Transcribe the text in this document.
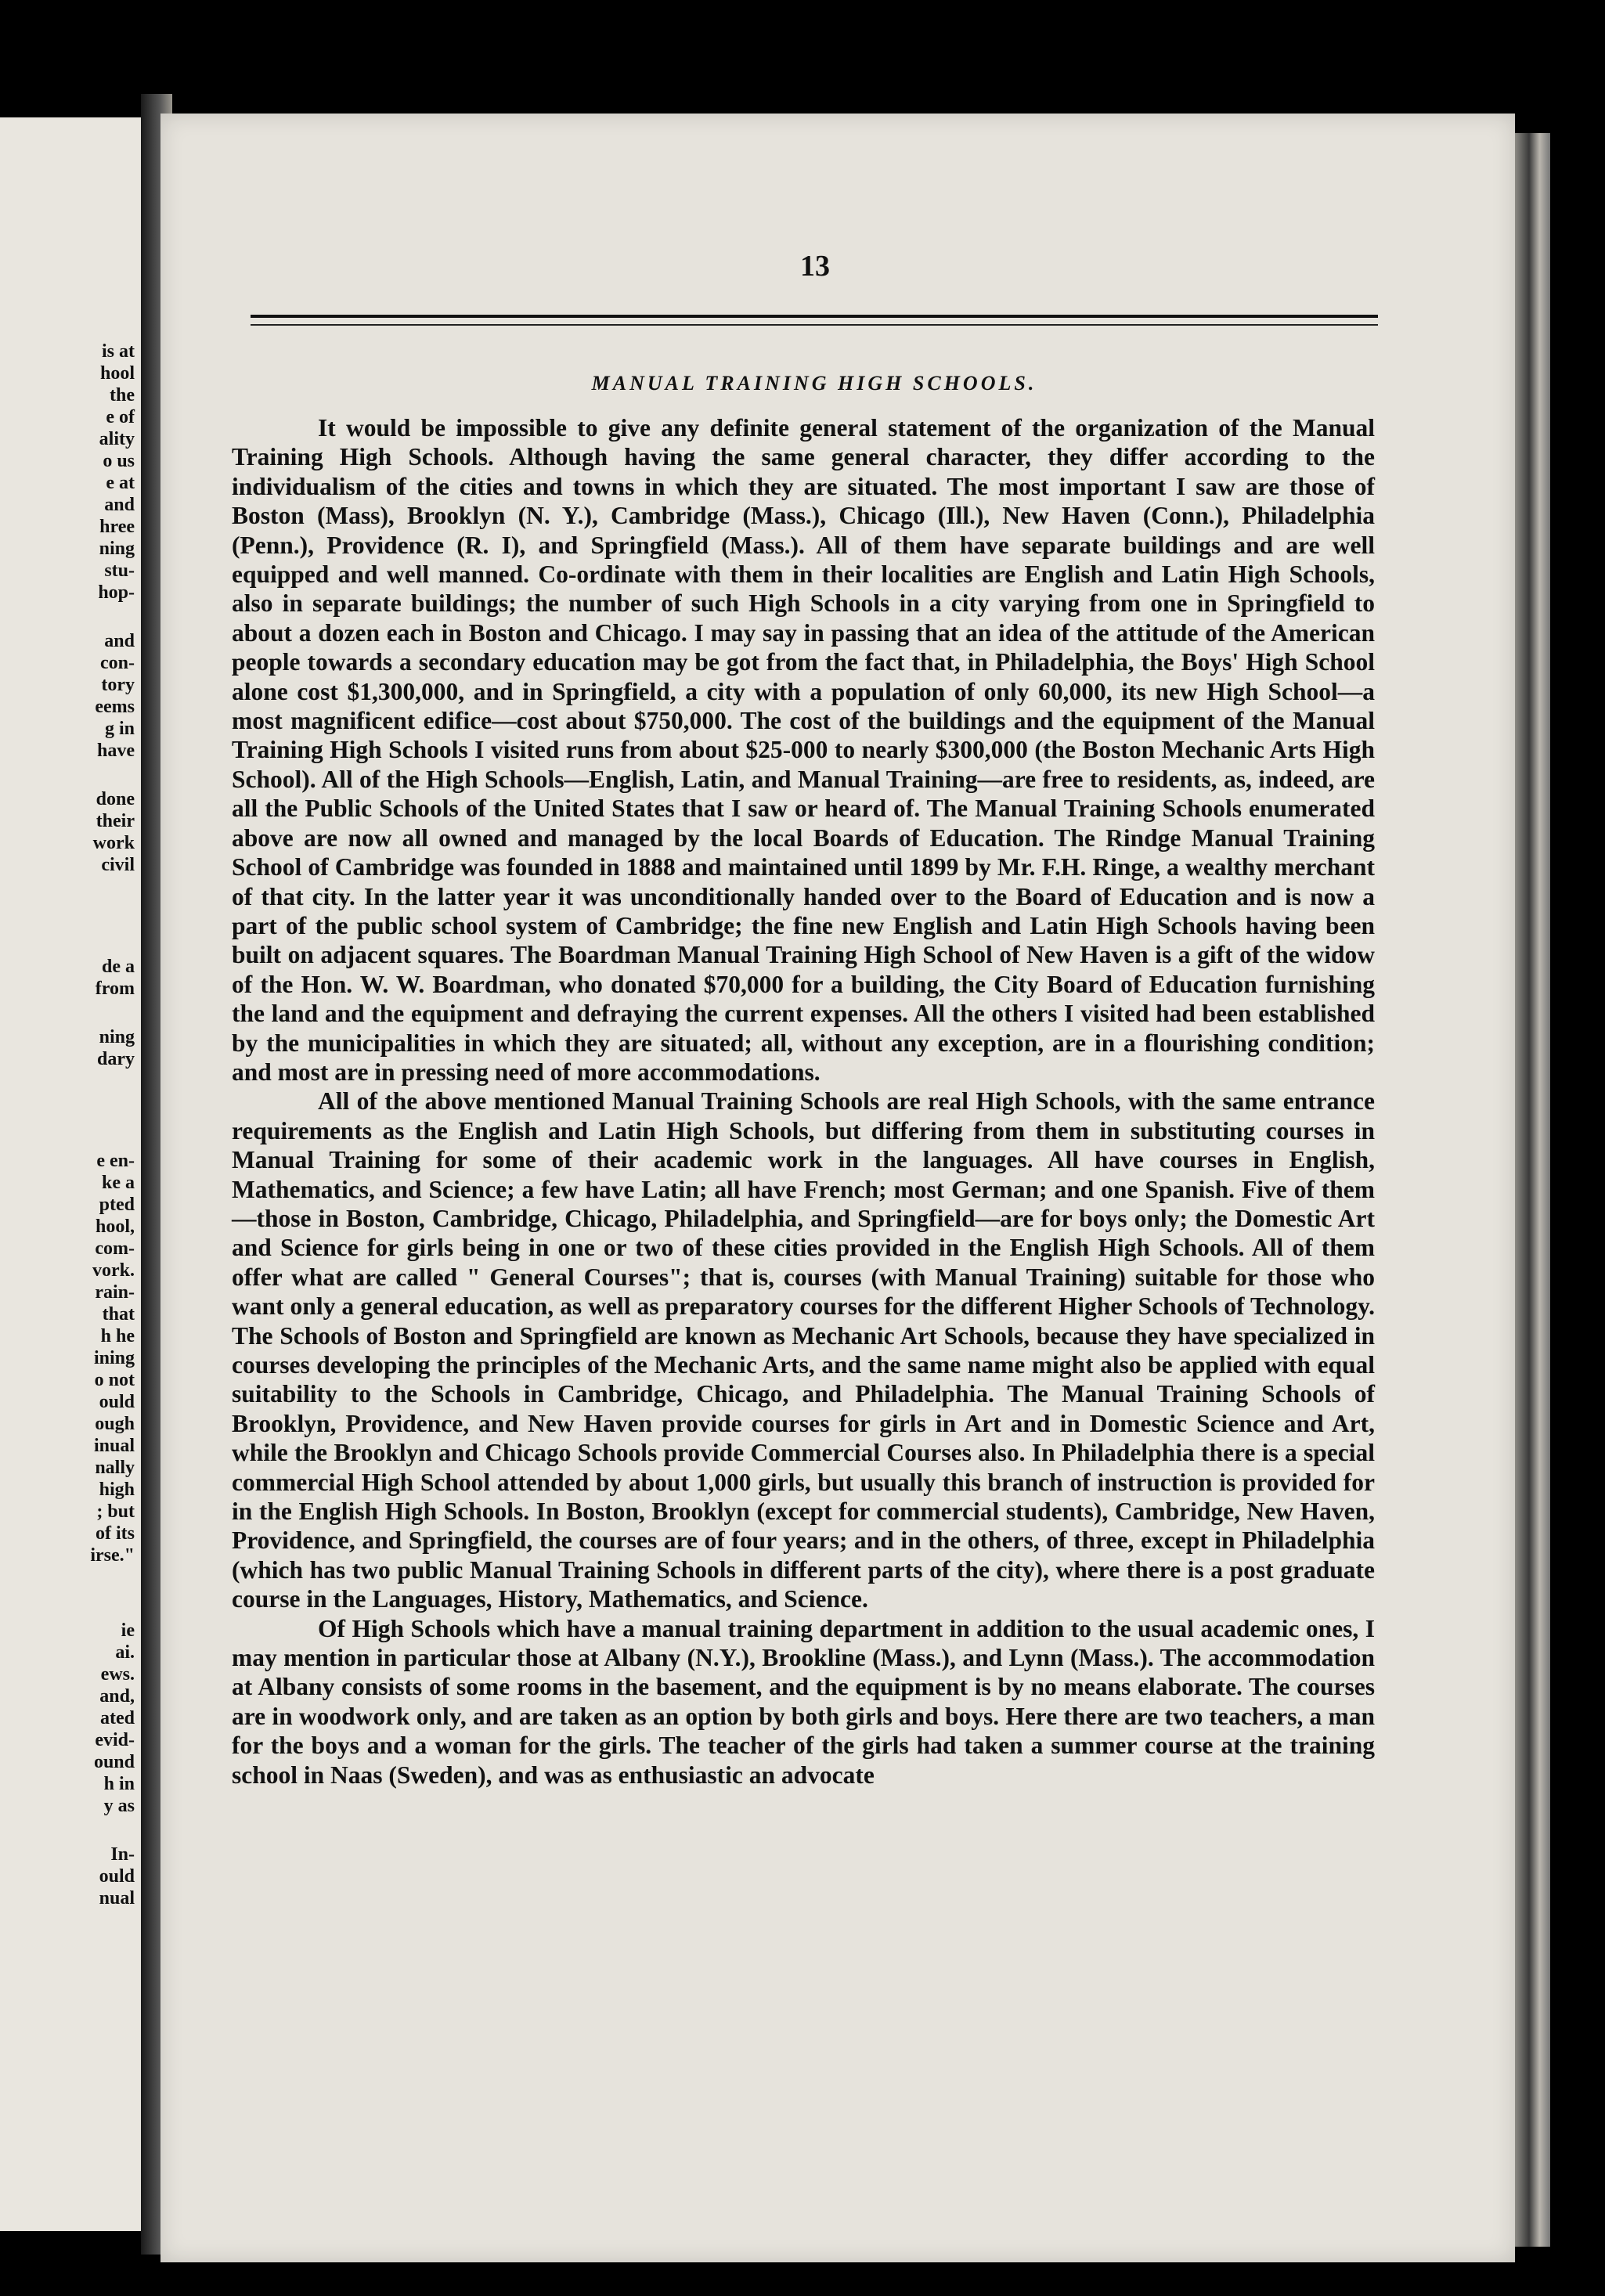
is at
hool
the
e of
ality
o us
e at
and
hree
ning
stu-
hop-
and
con-
tory
eems
g in
have
done
their
work
civil
de a
from
ning
dary
e en-
ke a
pted
hool,
com-
vork.
rain-
that
h he
ining
o not
ould
ough
inual
nally
high
; but
of its
irse."
ie
ai.
ews.
and,
ated
evid-
ound
h in
y as
In-
ould
nual
13
MANUAL TRAINING HIGH SCHOOLS.

It would be impossible to give any definite general statement of the organization of the Manual Training High Schools. Although having the same general character, they differ according to the individualism of the cities and towns in which they are situated. The most important I saw are those of Boston (Mass), Brooklyn (N. Y.), Cambridge (Mass.), Chicago (Ill.), New Haven (Conn.), Philadelphia (Penn.), Providence (R. I), and Springfield (Mass.). All of them have separate buildings and are well equipped and well manned. Co-ordinate with them in their localities are English and Latin High Schools, also in separate buildings; the number of such High Schools in a city varying from one in Springfield to about a dozen each in Boston and Chicago. I may say in passing that an idea of the attitude of the American people towards a secondary education may be got from the fact that, in Philadelphia, the Boys' High School alone cost $1,300,000, and in Springfield, a city with a population of only 60,000, its new High School—a most magnificent edifice—cost about $750,000. The cost of the buildings and the equipment of the Manual Training High Schools I visited runs from about $25-000 to nearly $300,000 (the Boston Mechanic Arts High School). All of the High Schools—English, Latin, and Manual Training—are free to residents, as, indeed, are all the Public Schools of the United States that I saw or heard of. The Manual Training Schools enumerated above are now all owned and managed by the local Boards of Education. The Rindge Manual Training School of Cambridge was founded in 1888 and maintained until 1899 by Mr. F.H. Ringe, a wealthy merchant of that city. In the latter year it was unconditionally handed over to the Board of Education and is now a part of the public school system of Cambridge; the fine new English and Latin High Schools having been built on adjacent squares. The Boardman Manual Training High School of New Haven is a gift of the widow of the Hon. W. W. Boardman, who donated $70,000 for a building, the City Board of Education furnishing the land and the equipment and defraying the current expenses. All the others I visited had been established by the municipalities in which they are situated; all, without any exception, are in a flourishing condition; and most are in pressing need of more accommodations.

All of the above mentioned Manual Training Schools are real High Schools, with the same entrance requirements as the English and Latin High Schools, but differing from them in substituting courses in Manual Training for some of their academic work in the languages. All have courses in English, Mathematics, and Science; a few have Latin; all have French; most German; and one Spanish. Five of them—those in Boston, Cambridge, Chicago, Philadelphia, and Springfield—are for boys only; the Domestic Art and Science for girls being in one or two of these cities provided in the English High Schools. All of them offer what are called " General Courses"; that is, courses (with Manual Training) suitable for those who want only a general education, as well as preparatory courses for the different Higher Schools of Technology. The Schools of Boston and Springfield are known as Mechanic Art Schools, because they have specialized in courses developing the principles of the Mechanic Arts, and the same name might also be applied with equal suitability to the Schools in Cambridge, Chicago, and Philadelphia. The Manual Training Schools of Brooklyn, Providence, and New Haven provide courses for girls in Art and in Domestic Science and Art, while the Brooklyn and Chicago Schools provide Commercial Courses also. In Philadelphia there is a special commercial High School attended by about 1,000 girls, but usually this branch of instruction is provided for in the English High Schools. In Boston, Brooklyn (except for commercial students), Cambridge, New Haven, Providence, and Springfield, the courses are of four years; and in the others, of three, except in Philadelphia (which has two public Manual Training Schools in different parts of the city), where there is a post graduate course in the Languages, History, Mathematics, and Science.

Of High Schools which have a manual training department in addition to the usual academic ones, I may mention in particular those at Albany (N.Y.), Brookline (Mass.), and Lynn (Mass.). The accommodation at Albany consists of some rooms in the basement, and the equipment is by no means elaborate. The courses are in woodwork only, and are taken as an option by both girls and boys. Here there are two teachers, a man for the boys and a woman for the girls. The teacher of the girls had taken a summer course at the training school in Naas (Sweden), and was as enthusiastic an advocate
